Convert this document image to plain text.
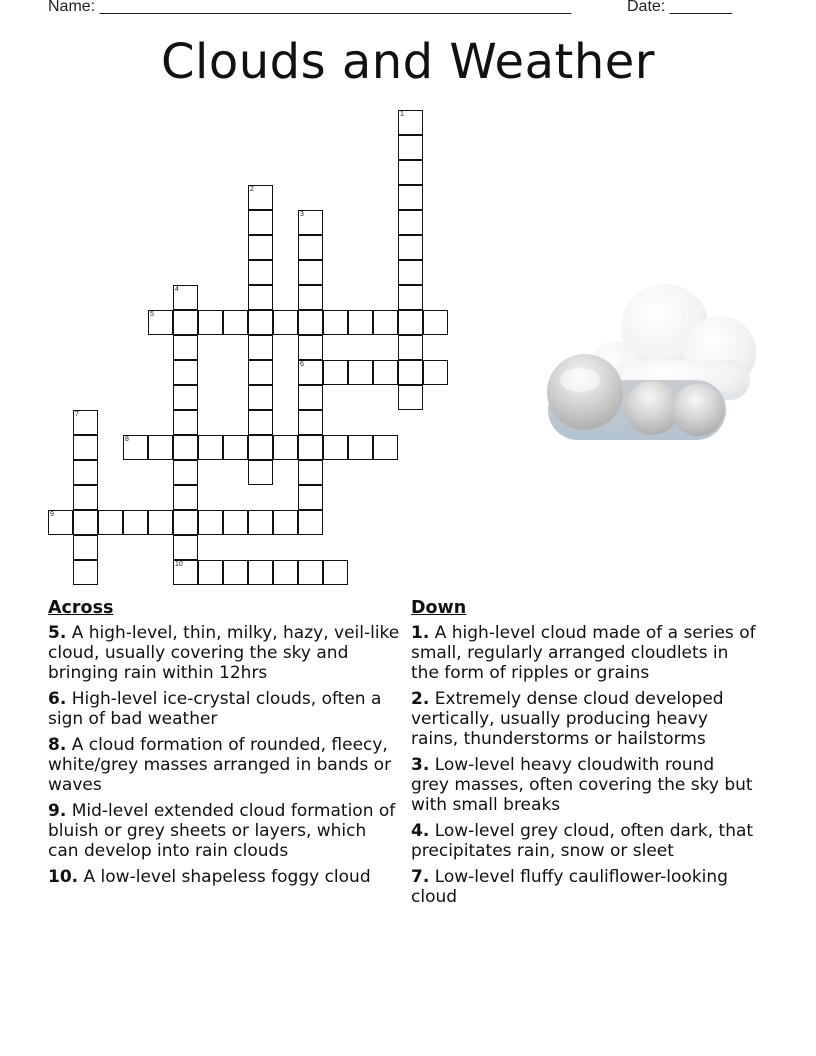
Name: _____________________________________________________	Date: _______
Clouds and Weather
1
2
3
6
4
5
7
8
9
10
Across
5. A high-level, thin, milky, hazy, veil-like cloud, usually covering the sky and bringing rain within 12hrs
6. High-level ice-crystal clouds, often a sign of bad weather
8. A cloud formation of rounded, fleecy, white/grey masses arranged in bands or waves
9. Mid-level extended cloud formation of bluish or grey sheets or layers, which can develop into rain clouds
10. A low-level shapeless foggy cloud
Down
1. A high-level cloud made of a series of small, regularly arranged cloudlets in the form of ripples or grains
2. Extremely dense cloud developed vertically, usually producing heavy rains, thunderstorms or hailstorms
3. Low-level heavy cloudwith round grey masses, often covering the sky but with small breaks
4. Low-level grey cloud, often dark, that precipitates rain, snow or sleet
7. Low-level fluffy cauliflower-looking cloud
